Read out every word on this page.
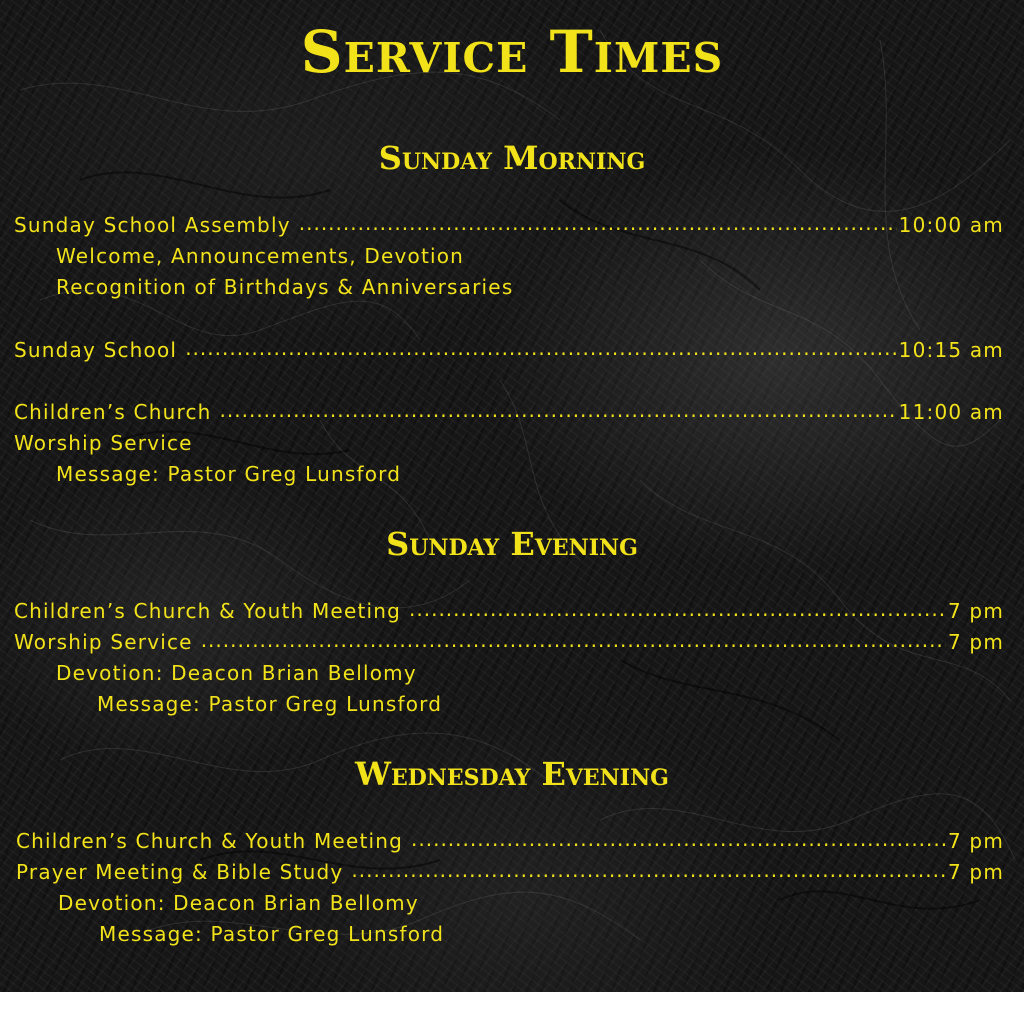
Service Times
Sunday Morning
Sunday School Assembly .....	10:00 am
Welcome, Announcements, Devotion
Recognition of Birthdays & Anniversaries
Sunday School .....	10:15 am
Children’s Church .....	11:00 am
Worship Service
Message: Pastor Greg Lunsford
Sunday Evening
Children’s Church & Youth Meeting .....	7 pm
Worship Service .....	7 pm
Devotion: Deacon Brian Bellomy
Message: Pastor Greg Lunsford
Wednesday Evening
Children’s Church & Youth Meeting .....	7 pm
Prayer Meeting & Bible Study .....	7 pm
Devotion: Deacon Brian Bellomy
Message: Pastor Greg Lunsford
